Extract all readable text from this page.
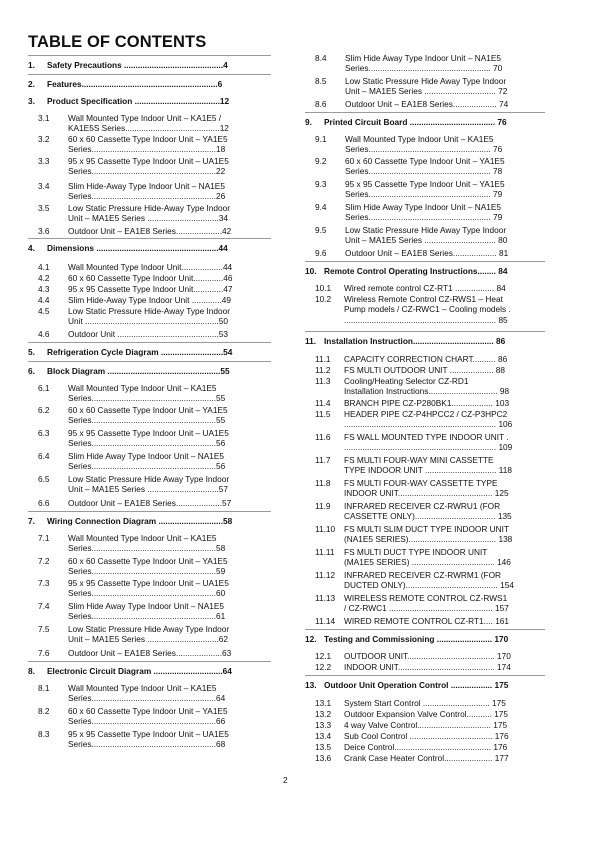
TABLE OF CONTENTS
1. Safety Precautions ...........................................4
2. Features...........................................................6
3. Product Specification .....................................12
3.1 Wall Mounted Type Indoor Unit – KA1E5 /
KA1E5S Series.........................................12
3.2 60 x 60 Cassette Type Indoor Unit – YA1E5
Series......................................................18
3.3 95 x 95 Cassette Type Indoor Unit – UA1E5
Series......................................................22
3.4 Slim Hide-Away Type Indoor Unit – NA1E5
Series......................................................26
3.5 Low Static Pressure Hide-Away Type Indoor
Unit – MA1E5 Series ...............................34
3.6 Outdoor Unit – EA1E8 Series....................42
4. Dimensions .....................................................44
4.1 Wall Mounted Type Indoor Unit..................44
4.2 60 x 60 Cassette Type Indoor Unit.............46
4.3 95 x 95 Cassette Type Indoor Unit.............47
4.4 Slim Hide-Away Type Indoor Unit .............49
4.5 Low Static Pressure Hide-Away Type Indoor
Unit ..........................................................50
4.6 Outdoor Unit ............................................53
5. Refrigeration Cycle Diagram ...........................54
6. Block Diagram .................................................55
6.1 Wall Mounted Type Indoor Unit – KA1E5
Series......................................................55
6.2 60 x 60 Cassette Type Indoor Unit – YA1E5
Series......................................................55
6.3 95 x 95 Cassette Type Indoor Unit – UA1E5
Series......................................................56
6.4 Slim Hide Away Type Indoor Unit – NA1E5
Series......................................................56
6.5 Low Static Pressure Hide Away Type Indoor
Unit – MA1E5 Series ...............................57
6.6 Outdoor Unit – EA1E8 Series....................57
7. Wiring Connection Diagram ............................58
7.1 Wall Mounted Type Indoor Unit – KA1E5
Series......................................................58
7.2 60 x 60 Cassette Type Indoor Unit – YA1E5
Series......................................................59
7.3 95 x 95 Cassette Type Indoor Unit – UA1E5
Series......................................................60
7.4 Slim Hide Away Type Indoor Unit – NA1E5
Series......................................................61
7.5 Low Static Pressure Hide Away Type Indoor
Unit – MA1E5 Series ...............................62
7.6 Outdoor Unit – EA1E8 Series....................63
8. Electronic Circuit Diagram ..............................64
8.1 Wall Mounted Type Indoor Unit – KA1E5
Series......................................................64
8.2 60 x 60 Cassette Type Indoor Unit – YA1E5
Series......................................................66
8.3 95 x 95 Cassette Type Indoor Unit – UA1E5
Series......................................................68
8.4 Slim Hide Away Type Indoor Unit – NA1E5
Series..................................................... 70
8.5 Low Static Pressure Hide Away Type Indoor
Unit – MA1E5 Series ............................... 72
8.6 Outdoor Unit – EA1E8 Series................... 74
9. Printed Circuit Board ..................................... 76
9.1 Wall Mounted Type Indoor Unit – KA1E5
Series..................................................... 76
9.2 60 x 60 Cassette Type Indoor Unit – YA1E5
Series..................................................... 78
9.3 95 x 95 Cassette Type Indoor Unit – YA1E5
Series..................................................... 79
9.4 Slim Hide Away Type Indoor Unit – NA1E5
Series..................................................... 79
9.5 Low Static Pressure Hide Away Type Indoor
Unit – MA1E5 Series ............................... 80
9.6 Outdoor Unit – EA1E8 Series................... 81
10. Remote Control Operating Instructions........ 84
10.1 Wired remote control CZ-RT1 ................. 84
10.2 Wireless Remote Control CZ-RWS1 – Heat
Pump models / CZ-RWC1 – Cooling models .
.................................................................. 85
11. Installation Instruction................................... 86
11.1 CAPACITY CORRECTION CHART.......... 86
11.2 FS MULTI OUTDOOR UNIT ................... 88
11.3 Cooling/Heating Selector CZ-RD1
Installation Instructions.............................. 98
11.4 BRANCH PIPE CZ-P280BK1.................. 103
11.5 HEADER PIPE CZ-P4HPCC2 / CZ-P3HPC2
.................................................................. 106
11.6 FS WALL MOUNTED TYPE INDOOR UNIT .
.................................................................. 109
11.7 FS MULTI FOUR-WAY MINI CASSETTE
TYPE INDOOR UNIT ............................... 118
11.8 FS MULTI FOUR-WAY CASSETTE TYPE
INDOOR UNIT......................................... 125
11.9 INFRARED RECEIVER CZ-RWRU1 (FOR
CASSETTE ONLY)................................... 135
11.10 FS MULTI SLIM DUCT TYPE INDOOR UNIT
(NA1E5 SERIES)...................................... 138
11.11 FS MULTI DUCT TYPE INDOOR UNIT
(MA1E5 SERIES) .................................... 146
11.12 INFRARED RECEIVER CZ-RWRM1 (FOR
DUCTED ONLY)........................................ 154
11.13 WIRELESS REMOTE CONTROL CZ-RWS1
/ CZ-RWC1 ............................................. 157
11.14 WIRED REMOTE CONTROL CZ-RT1.... 161
12. Testing and Commissioning ........................ 170
12.1 OUTDOOR UNIT...................................... 170
12.2 INDOOR UNIT.......................................... 174
13. Outdoor Unit Operation Control .................. 175
13.1 System Start Control ............................. 175
13.2 Outdoor Expansion Valve Control........... 175
13.3 4 way Valve Control................................ 175
13.4 Sub Cool Control .................................... 176
13.5 Deice Control.......................................... 176
13.6 Crank Case Heater Control..................... 177
2
